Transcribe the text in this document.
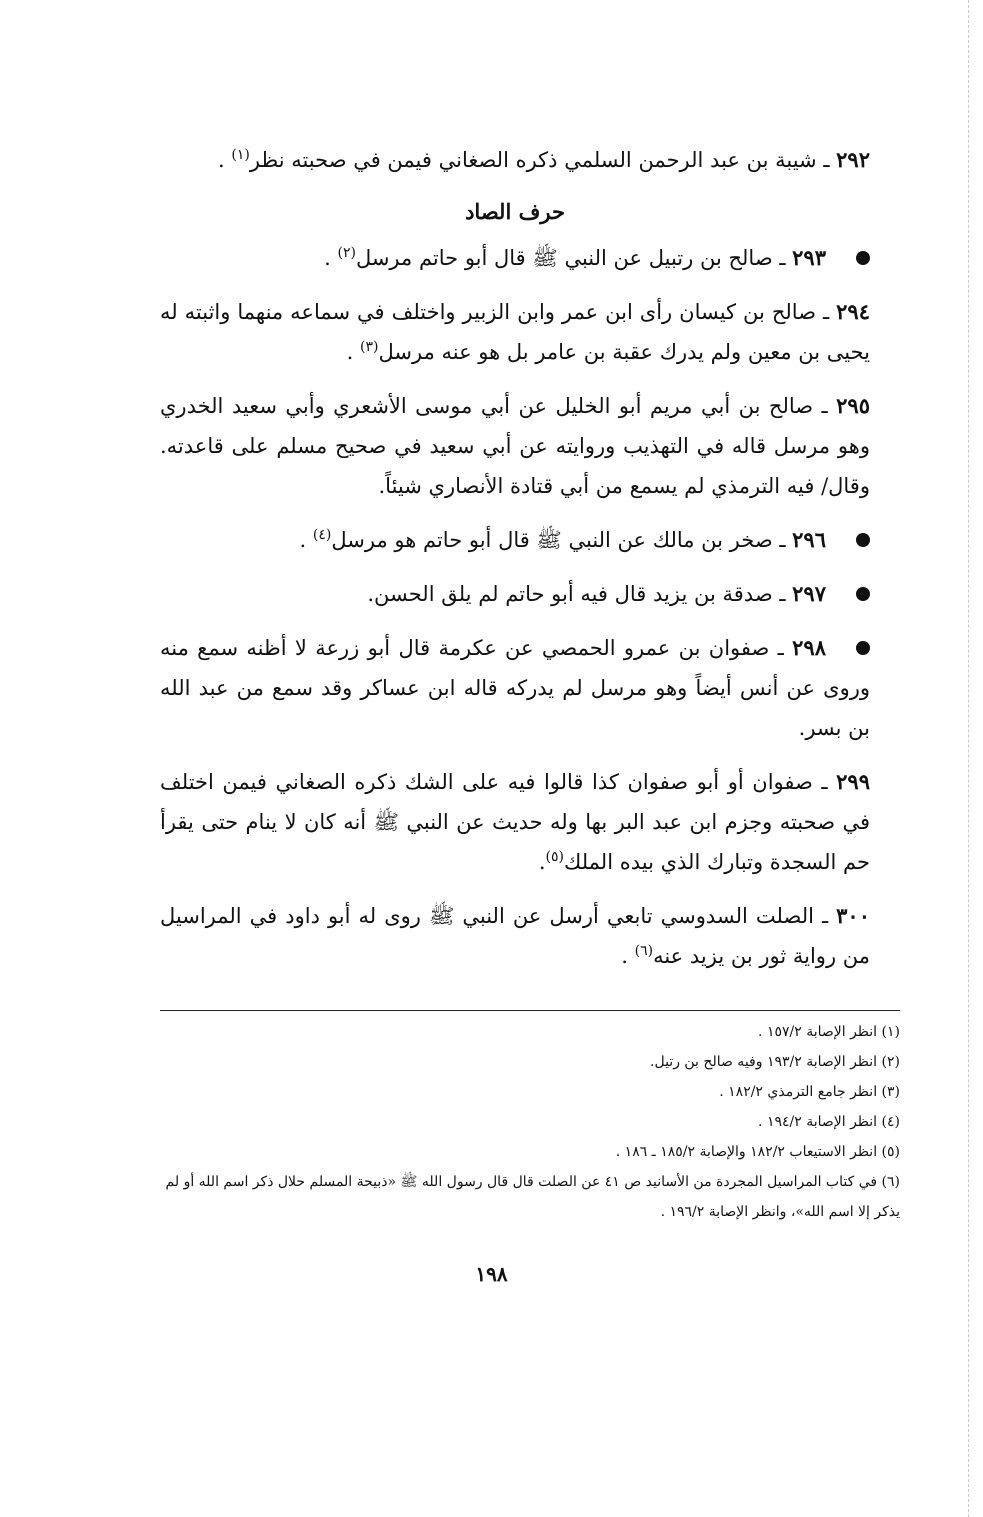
٢٩٢ ـ شيبة بن عبد الرحمن السلمي ذكره الصغاني فيمن في صحبته نظر$^{(١)}$ .

حرف الصاد

٢٩٣ ـ صالح بن رتبيل عن النبي ﷺ قال أبو حاتم مرسل$^{(٢)}$ .

٢٩٤ ـ صالح بن كيسان رأى ابن عمر وابن الزبير واختلف في سماعه منهما واثبته له يحيى بن معين ولم يدرك عقبة بن عامر بل هو عنه مرسل$^{(٣)}$ .

٢٩٥ ـ صالح بن أبي مريم أبو الخليل عن أبي موسى الأشعري وأبي سعيد الخدري وهو مرسل قاله في التهذيب وروايته عن أبي سعيد في صحيح مسلم على قاعدته. وقال/ فيه الترمذي لم يسمع من أبي قتادة الأنصاري شيئاً.

٢٩٦ ـ صخر بن مالك عن النبي ﷺ قال أبو حاتم هو مرسل$^{(٤)}$ .

٢٩٧ ـ صدقة بن يزيد قال فيه أبو حاتم لم يلق الحسن.

٢٩٨ ـ صفوان بن عمرو الحمصي عن عكرمة قال أبو زرعة لا أظنه سمع منه وروى عن أنس أيضاً وهو مرسل لم يدركه قاله ابن عساكر وقد سمع من عبد الله بن بسر.

٢٩٩ ـ صفوان أو أبو صفوان كذا قالوا فيه على الشك ذكره الصغاني فيمن اختلف في صحبته وجزم ابن عبد البر بها وله حديث عن النبي ﷺ أنه كان لا ينام حتى يقرأ حم السجدة وتبارك الذي بيده الملك$^{(٥)}$.

٣٠٠ ـ الصلت السدوسي تابعي أرسل عن النبي ﷺ روى له أبو داود في المراسيل من رواية ثور بن يزيد عنه$^{(٦)}$ .

(١) انظر الإصابة ١٥٧/٢ .

(٢) انظر الإصابة ١٩٣/٢ وفيه صالح بن رتيل.

(٣) انظر جامع الترمذي ١٨٢/٢ .

(٤) انظر الإصابة ١٩٤/٢ .

(٥) انظر الاستيعاب ١٨٢/٢ والإصابة ١٨٥/٢ ـ ١٨٦ .

(٦) في كتاب المراسيل المجردة من الأسانيد ص ٤١ عن الصلت قال قال رسول الله ﷺ «ذبيحة المسلم حلال ذكر اسم الله أو لم يذكر إلا اسم الله»، وانظر الإصابة ١٩٦/٢ .

١٩٨
